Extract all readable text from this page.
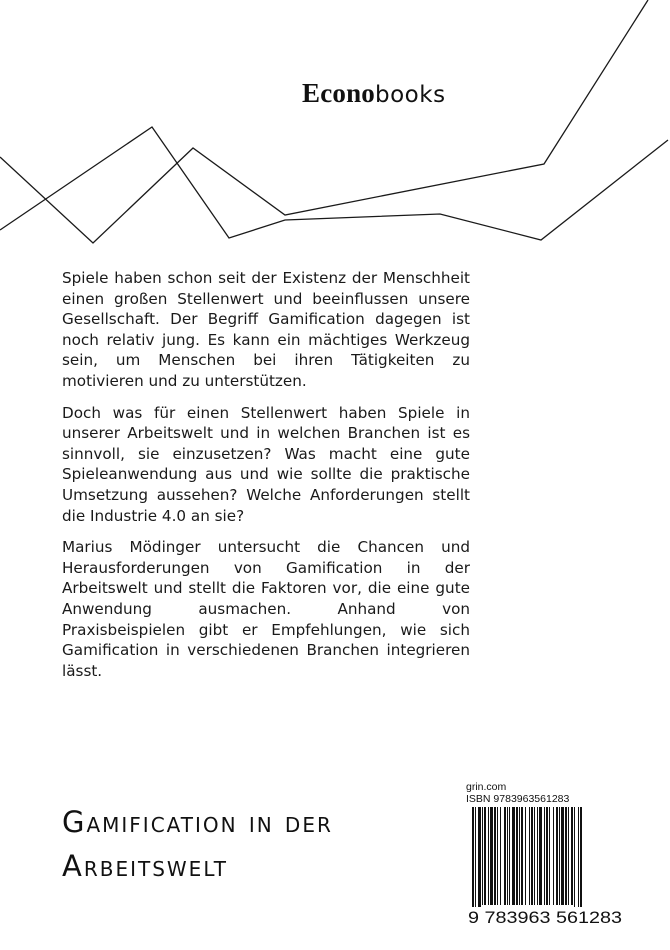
Econobooks

Spiele haben schon seit der Existenz der Menschheit einen großen Stellenwert und beeinflussen unsere Gesellschaft. Der Begriff Gamification dagegen ist noch relativ jung. Es kann ein mächtiges Werkzeug sein, um Menschen bei ihren Tätigkeiten zu motivieren und zu unterstützen.

Doch was für einen Stellenwert haben Spiele in unserer Arbeitswelt und in welchen Branchen ist es sinnvoll, sie einzusetzen? Was macht eine gute Spieleanwendung aus und wie sollte die praktische Umsetzung aussehen? Welche Anforderungen stellt die Industrie 4.0 an sie?

Marius Mödinger untersucht die Chancen und Herausforderungen von Gamification in der Arbeitswelt und stellt die Faktoren vor, die eine gute Anwendung ausmachen. Anhand von Praxisbeispielen gibt er Empfehlungen, wie sich Gamification in verschiedenen Branchen integrieren lässt.

Gamification in der
Arbeitswelt

grin.com

ISBN 9783963561283

9 783963 561283
